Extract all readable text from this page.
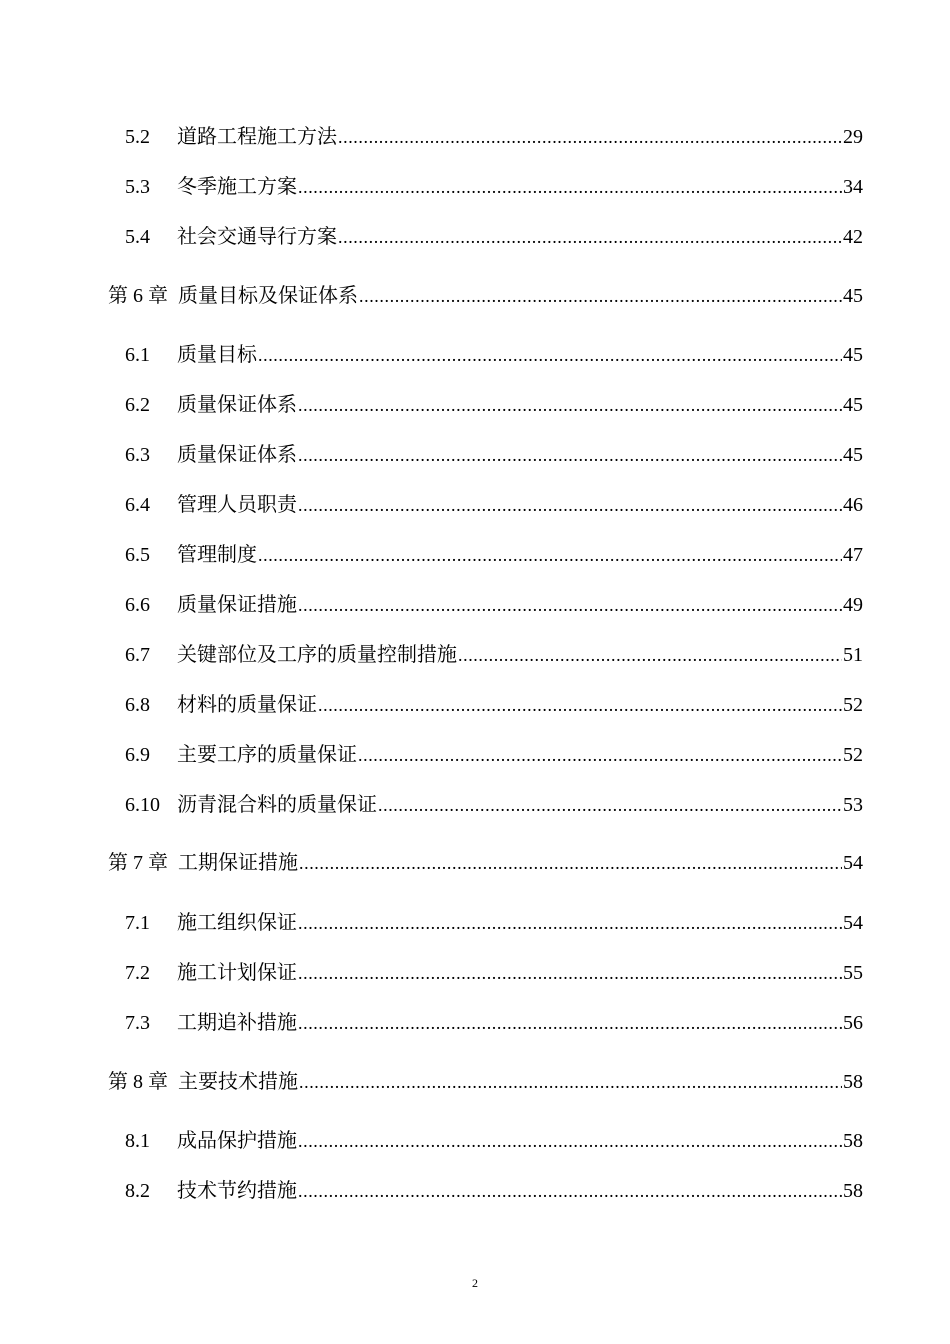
5.2	道路工程施工方法 .....	29
5.3	冬季施工方案 .....	34
5.4	社会交通导行方案 .....	42
第 6 章 质量目标及保证体系 .....	45
6.1	质量目标 .....	45
6.2	质量保证体系 .....	45
6.3	质量保证体系 .....	45
6.4	管理人员职责 .....	46
6.5	管理制度 .....	47
6.6	质量保证措施 .....	49
6.7	关键部位及工序的质量控制措施 .....	51
6.8	材料的质量保证 .....	52
6.9	主要工序的质量保证 .....	52
6.10 沥青混合料的质量保证 .....	53
第 7 章 工期保证措施 .....	54
7.1	施工组织保证 .....	54
7.2	施工计划保证 .....	55
7.3	工期追补措施 .....	56
第 8 章 主要技术措施 .....	58
8.1	成品保护措施 .....	58
8.2	技术节约措施 .....	58
2
